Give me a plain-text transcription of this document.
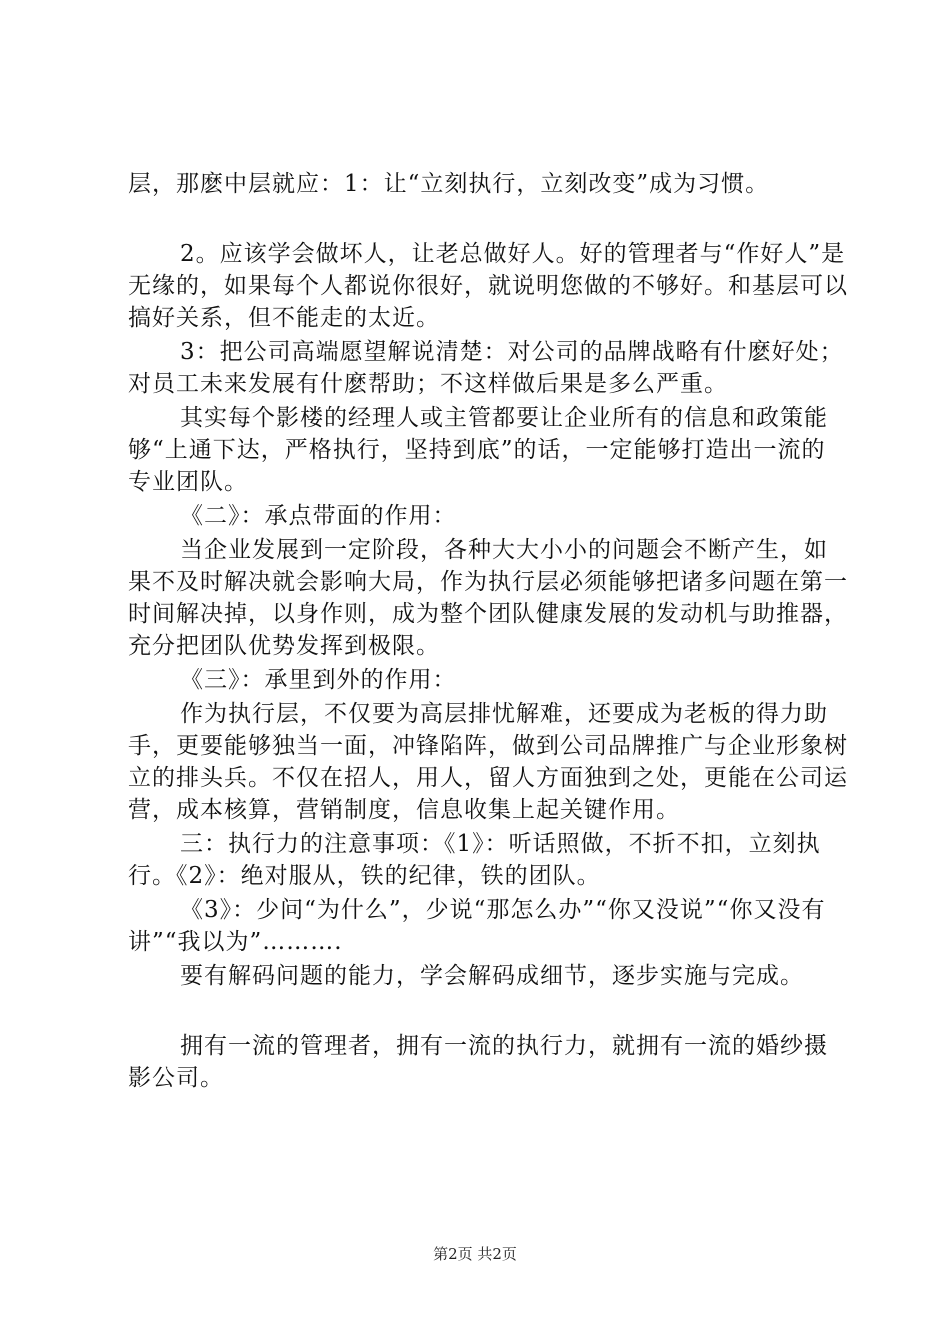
层，那麽中层就应：1：让“立刻执行，立刻改变”成为习惯。

2。应该学会做坏人，让老总做好人。好的管理者与“作好人”是无缘的，如果每个人都说你很好，就说明您做的不够好。和基层可以搞好关系，但不能走的太近。

3：把公司高端愿望解说清楚：对公司的品牌战略有什麽好处；对员工未来发展有什麽帮助；不这样做后果是多么严重。

其实每个影楼的经理人或主管都要让企业所有的信息和政策能够“上通下达，严格执行，坚持到底”的话，一定能够打造出一流的专业团队。

《二》：承点带面的作用：

当企业发展到一定阶段，各种大大小小的问题会不断产生，如果不及时解决就会影响大局，作为执行层必须能够把诸多问题在第一时间解决掉，以身作则，成为整个团队健康发展的发动机与助推器，充分把团队优势发挥到极限。

《三》：承里到外的作用：

作为执行层，不仅要为高层排忧解难，还要成为老板的得力助手，更要能够独当一面，冲锋陷阵，做到公司品牌推广与企业形象树立的排头兵。不仅在招人，用人，留人方面独到之处，更能在公司运营，成本核算，营销制度，信息收集上起关键作用。

三：执行力的注意事项：《1》：听话照做，不折不扣，立刻执行。《2》：绝对服从，铁的纪律，铁的团队。

《3》：少问“为什么”，少说“那怎么办”“你又没说”“你又没有讲”“我以为”……….

要有解码问题的能力，学会解码成细节，逐步实施与完成。

拥有一流的管理者，拥有一流的执行力，就拥有一流的婚纱摄影公司。

第2页 共2页
